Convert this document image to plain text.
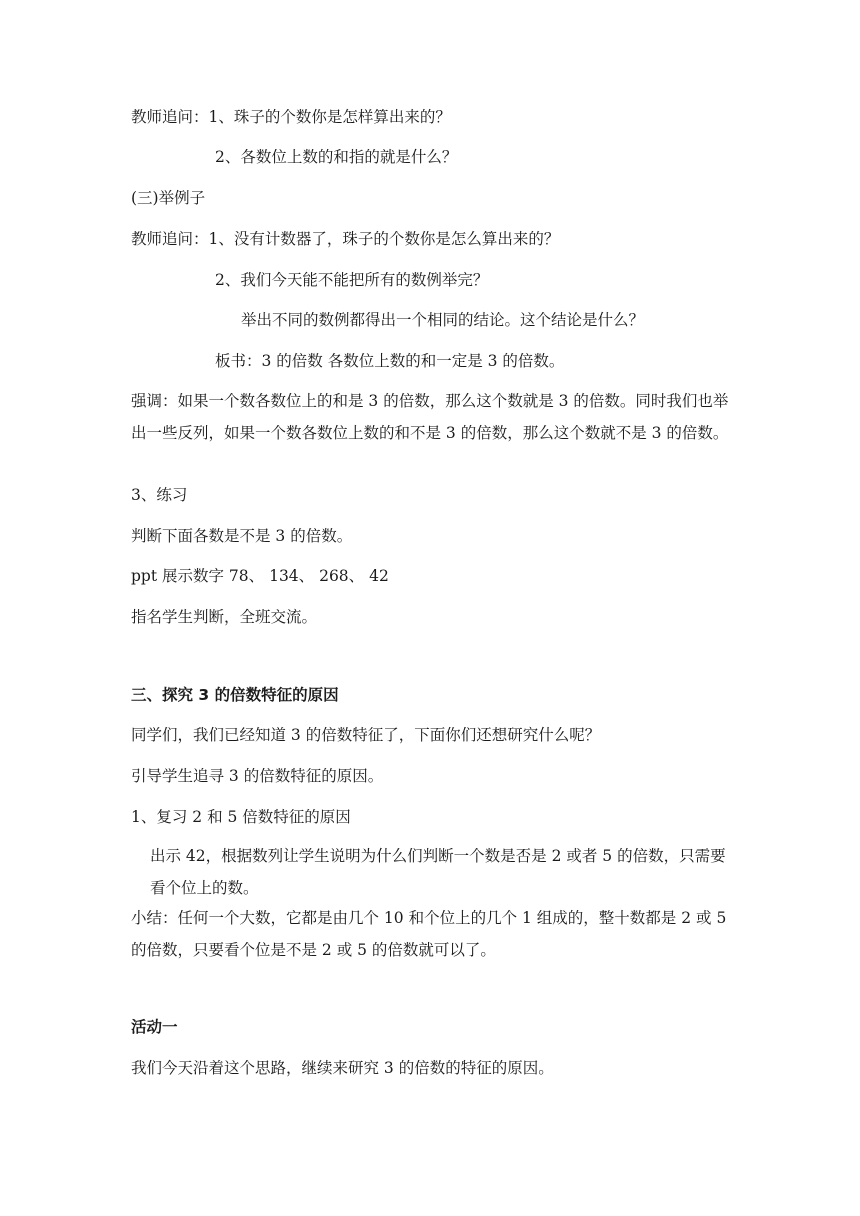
教师追问：1、珠子的个数你是怎样算出来的？
2、各数位上数的和指的就是什么？
(三)举例子
教师追问：1、没有计数器了，珠子的个数你是怎么算出来的？
2、我们今天能不能把所有的数例举完？
举出不同的数例都得出一个相同的结论。这个结论是什么？
板书：3 的倍数 各数位上数的和一定是 3 的倍数。
强调：如果一个数各数位上的和是 3 的倍数，那么这个数就是 3 的倍数。同时我们也举出一些反列，如果一个数各数位上数的和不是 3 的倍数，那么这个数就不是 3 的倍数。
3、练习
判断下面各数是不是 3 的倍数。
ppt 展示数字 78、 134、 268、 42
指名学生判断，全班交流。
三、探究 3 的倍数特征的原因
同学们，我们已经知道 3 的倍数特征了，下面你们还想研究什么呢？
引导学生追寻 3 的倍数特征的原因。
1、复习 2 和 5 倍数特征的原因
出示 42，根据数列让学生说明为什么们判断一个数是否是 2 或者 5 的倍数，只需要看个位上的数。
小结：任何一个大数，它都是由几个 10 和个位上的几个 1 组成的，整十数都是 2 或 5 的倍数，只要看个位是不是 2 或 5 的倍数就可以了。
活动一
我们今天沿着这个思路，继续来研究 3 的倍数的特征的原因。
